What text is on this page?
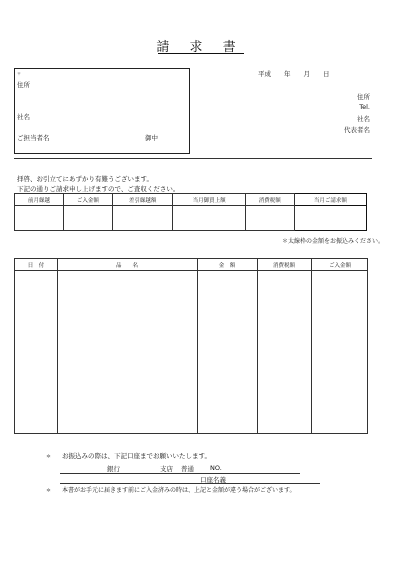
請 求 書
平成　　年　　月　　日
〒
住所
社名
ご担当者名	御中
住所
Tel.
社名
代表者名
拝啓、お引立てにあずかり有難うございます。
下記の通りご請求申し上げますので、ご査収ください。
前月繰越	ご入金額	差引繰越額	当月御買上額	消費税額	当月ご請求額

＊太線枠の金額をお振込みください。
日　付	品　　名	金　額	消費税額	ご入金額
＊ お振込みの際は、下記口座までお願いいたします。
銀行	支店 普通 NO.
口座名義
＊ 本書がお手元に届きます前にご入金済みの時は、上記と金額が違う場合がございます。
